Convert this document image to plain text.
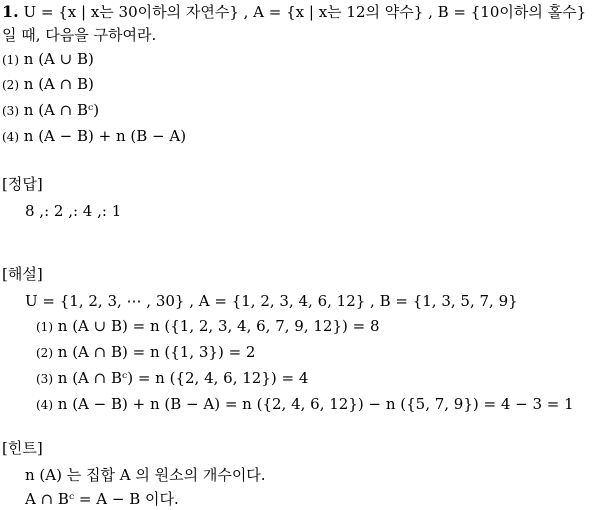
1. U = {x | x는 30이하의 자연수} , A = {x | x는 12의 약수} , B = {10이하의 홀수}
일 때, 다음을 구하여라.
(1) n (A ∪ B)
(2) n (A ∩ B)
(3) n (A ∩ Bᶜ)
(4) n (A − B) + n (B − A)
[정답]
8 ,: 2 ,: 4 ,: 1
[해설]
U = {1, 2, 3, ⋯ , 30} , A = {1, 2, 3, 4, 6, 12} , B = {1, 3, 5, 7, 9}
(1) n (A ∪ B) = n ({1, 2, 3, 4, 6, 7, 9, 12}) = 8
(2) n (A ∩ B) = n ({1, 3}) = 2
(3) n (A ∩ Bᶜ) = n ({2, 4, 6, 12}) = 4
(4) n (A − B) + n (B − A) = n ({2, 4, 6, 12}) − n ({5, 7, 9}) = 4 − 3 = 1
[힌트]
n (A) 는 집합 A 의 원소의 개수이다.
A ∩ Bᶜ = A − B 이다.
